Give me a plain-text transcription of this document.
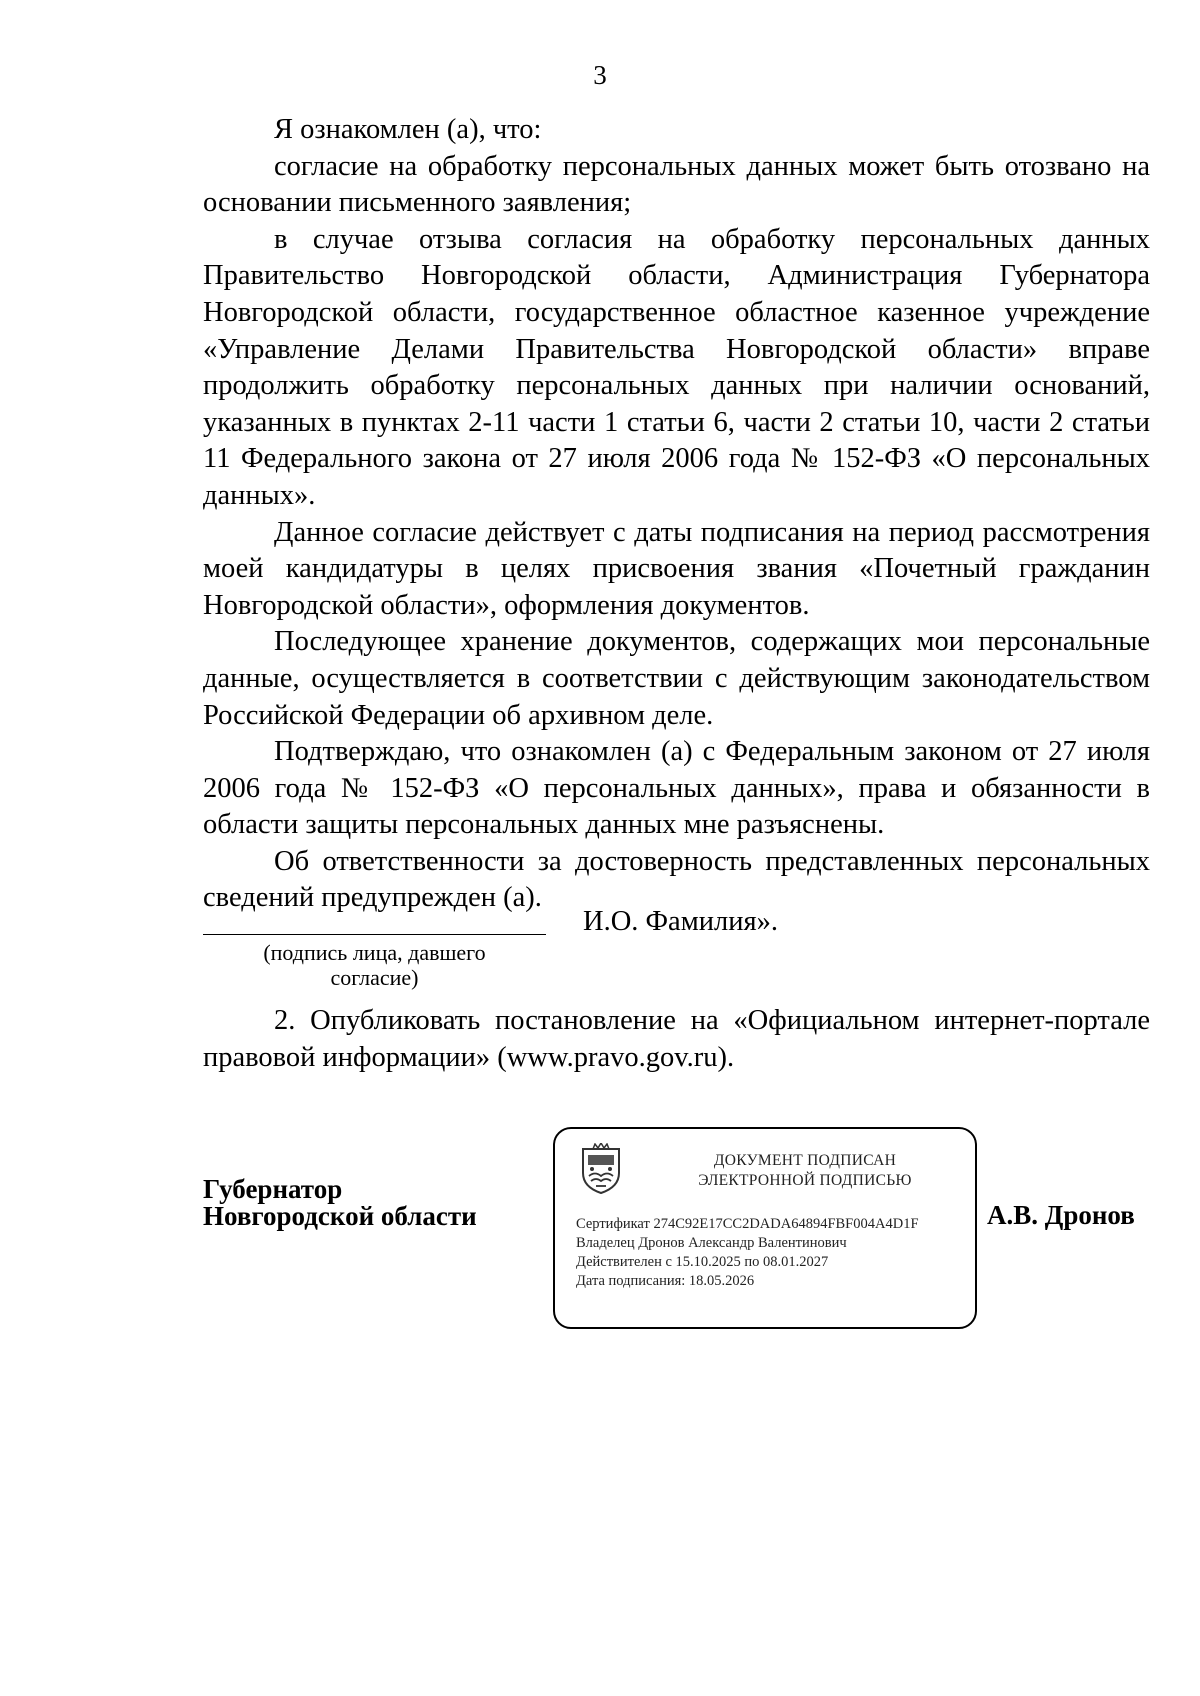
3

Я ознакомлен (а), что:

согласие на обработку персональных данных может быть отозвано на основании письменного заявления;

в случае отзыва согласия на обработку персональных данных Правительство Новгородской области, Администрация Губернатора Новгородской области, государственное областное казенное учреждение «Управление Делами Правительства Новгородской области» вправе продолжить обработку персональных данных при наличии оснований, указанных в пунктах 2-11 части 1 статьи 6, части 2 статьи 10, части 2 статьи 11 Федерального закона от 27 июля 2006 года № 152-ФЗ «О персональных данных».

Данное согласие действует с даты подписания на период рассмотрения моей кандидатуры в целях присвоения звания «Почетный гражданин Новгородской области», оформления документов.

Последующее хранение документов, содержащих мои персональные данные, осуществляется в соответствии с действующим законодательством Российской Федерации об архивном деле.

Подтверждаю, что ознакомлен (а) с Федеральным законом от 27 июля 2006 года № 152-ФЗ «О персональных данных», права и обязанности в области защиты персональных данных мне разъяснены.

Об ответственности за достоверность представленных персональных сведений предупрежден (а).

(подпись лица, давшего
согласие)
И.О. Фамилия».

2. Опубликовать постановление на «Официальном интернет-портале правовой информации» (www.pravo.gov.ru).

Губернатор
Новгородской области
ДОКУМЕНТ ПОДПИСАН
ЭЛЕКТРОННОЙ ПОДПИСЬЮ
Сертификат 274C92E17CC2DADA64894FBF004A4D1F
Владелец Дронов Александр Валентинович
Действителен с 15.10.2025 по 08.01.2027
Дата подписания: 18.05.2026
А.В. Дронов
